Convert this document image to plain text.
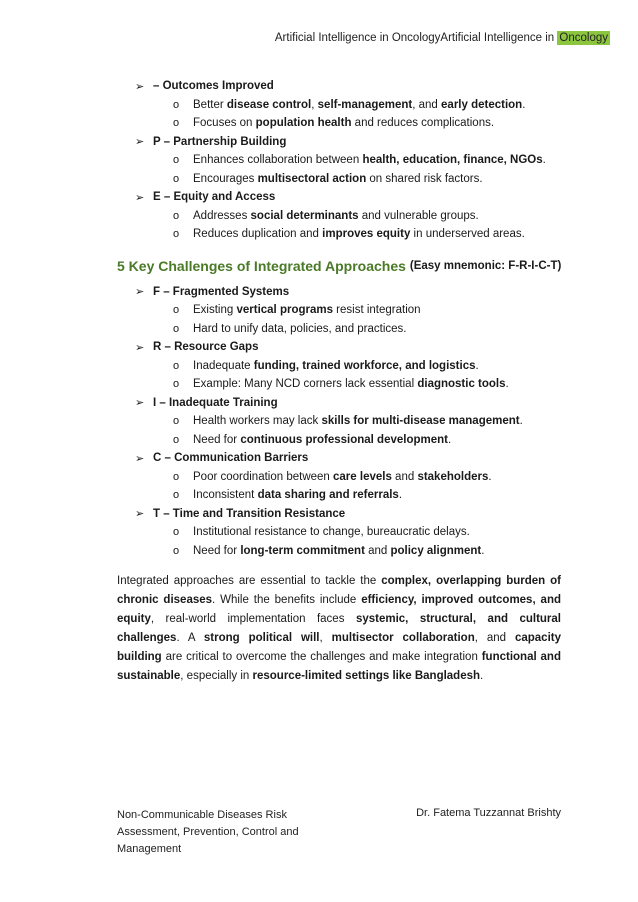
Artificial Intelligence in OncologyArtificial Intelligence in Oncology
➢ – Outcomes Improved
o	Better disease control, self-management, and early detection.
o	Focuses on population health and reduces complications.
➢ P – Partnership Building
o	Enhances collaboration between health, education, finance, NGOs.
o	Encourages multisectoral action on shared risk factors.
➢ E – Equity and Access
o	Addresses social determinants and vulnerable groups.
o	Reduces duplication and improves equity in underserved areas.
5 Key Challenges of Integrated Approaches (Easy mnemonic: F-R-I-C-T)
➢ F – Fragmented Systems
o	Existing vertical programs resist integration
o	Hard to unify data, policies, and practices.
➢ R – Resource Gaps
o	Inadequate funding, trained workforce, and logistics.
o	Example: Many NCD corners lack essential diagnostic tools.
➢ I – Inadequate Training
o	Health workers may lack skills for multi-disease management.
o	Need for continuous professional development.
➢ C – Communication Barriers
o	Poor coordination between care levels and stakeholders.
o	Inconsistent data sharing and referrals.
➢ T – Time and Transition Resistance
o	Institutional resistance to change, bureaucratic delays.
o	Need for long-term commitment and policy alignment.
Integrated approaches are essential to tackle the complex, overlapping burden of chronic diseases. While the benefits include efficiency, improved outcomes, and equity, real-world implementation faces systemic, structural, and cultural challenges. A strong political will, multisector collaboration, and capacity building are critical to overcome the challenges and make integration functional and sustainable, especially in resource-limited settings like Bangladesh.
Non-Communicable Diseases Risk Assessment, Prevention, Control and Management
Dr. Fatema Tuzzannat Brishty
